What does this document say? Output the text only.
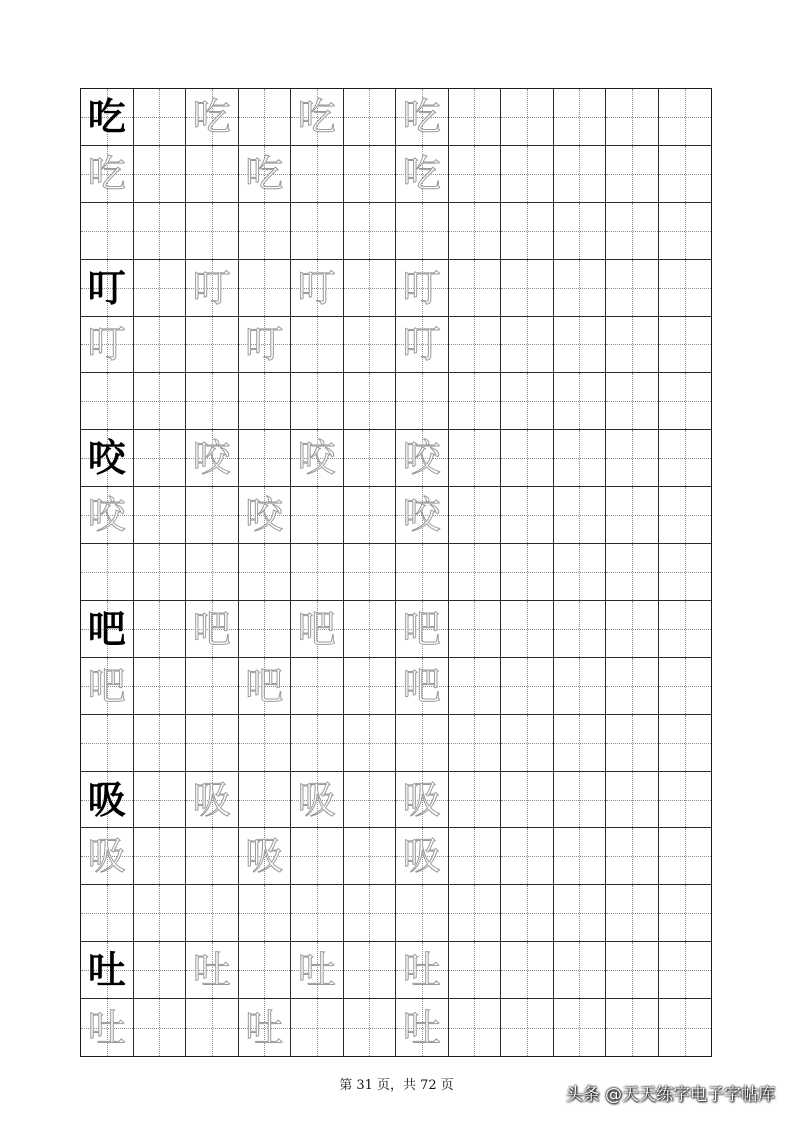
吃 吃 吃 吃
吃	吃	吃
叮 叮 叮 叮
叮	叮	叮
咬 咬 咬 咬
咬	咬	咬
吧 吧 吧 吧
吧	吧	吧
吸 吸 吸 吸
吸	吸	吸
吐 吐 吐 吐
吐	吐	吐
第 31 页，共 72 页	头条 @天天练字电子字帖库
